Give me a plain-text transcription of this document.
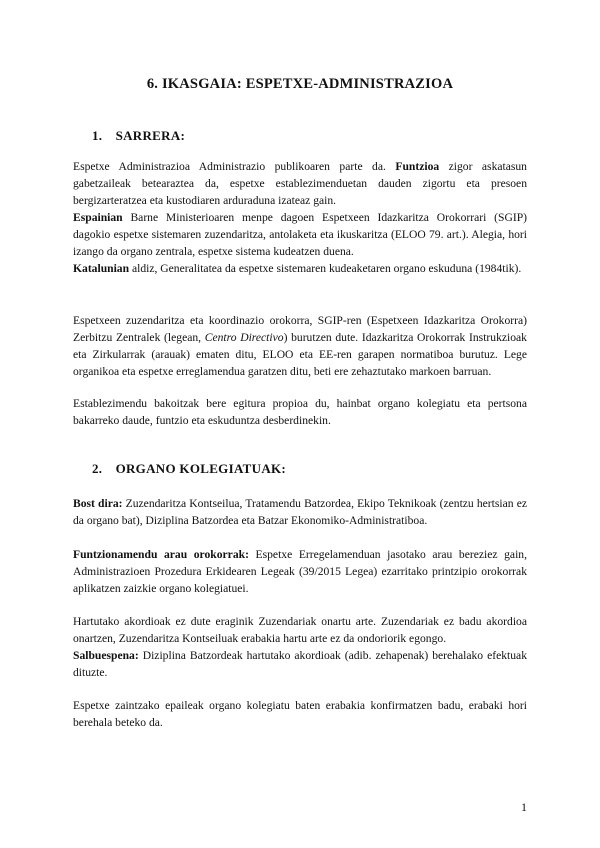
6. IKASGAIA: ESPETXE-ADMINISTRAZIOA
1. SARRERA:

Espetxe Administrazioa Administrazio publikoaren parte da. Funtzioa zigor askatasun gabetzaileak betearaztea da, espetxe establezimenduetan dauden zigortu eta presoen bergizarteratzea eta kustodiaren arduraduna izateaz gain.

Espainian Barne Ministerioaren menpe dagoen Espetxeen Idazkaritza Orokorrari (SGIP) dagokio espetxe sistemaren zuzendaritza, antolaketa eta ikuskaritza (ELOO 79. art.). Alegia, hori izango da organo zentrala, espetxe sistema kudeatzen duena.

Katalunian aldiz, Generalitatea da espetxe sistemaren kudeaketaren organo eskuduna (1984tik).

Espetxeen zuzendaritza eta koordinazio orokorra, SGIP-ren (Espetxeen Idazkaritza Orokorra) Zerbitzu Zentralek (legean, Centro Directivo) burutzen dute. Idazkaritza Orokorrak Instrukzioak eta Zirkularrak (arauak) ematen ditu, ELOO eta EE-ren garapen normatiboa burutuz. Lege organikoa eta espetxe erreglamendua garatzen ditu, beti ere zehaztutako markoen barruan.

Establezimendu bakoitzak bere egitura propioa du, hainbat organo kolegiatu eta pertsona bakarreko daude, funtzio eta eskuduntza desberdinekin.

2. ORGANO KOLEGIATUAK:

Bost dira: Zuzendaritza Kontseilua, Tratamendu Batzordea, Ekipo Teknikoak (zentzu hertsian ez da organo bat), Diziplina Batzordea eta Batzar Ekonomiko-Administratiboa.

Funtzionamendu arau orokorrak: Espetxe Erregelamenduan jasotako arau bereziez gain, Administrazioen Prozedura Erkidearen Legeak (39/2015 Legea) ezarritako printzipio orokorrak aplikatzen zaizkie organo kolegiatuei.

Hartutako akordioak ez dute eraginik Zuzendariak onartu arte. Zuzendariak ez badu akordioa onartzen, Zuzendaritza Kontseiluak erabakia hartu arte ez da ondoriorik egongo.

Salbuespena: Diziplina Batzordeak hartutako akordioak (adib. zehapenak) berehalako efektuak dituzte.

Espetxe zaintzako epaileak organo kolegiatu baten erabakia konfirmatzen badu, erabaki hori berehala beteko da.

1
